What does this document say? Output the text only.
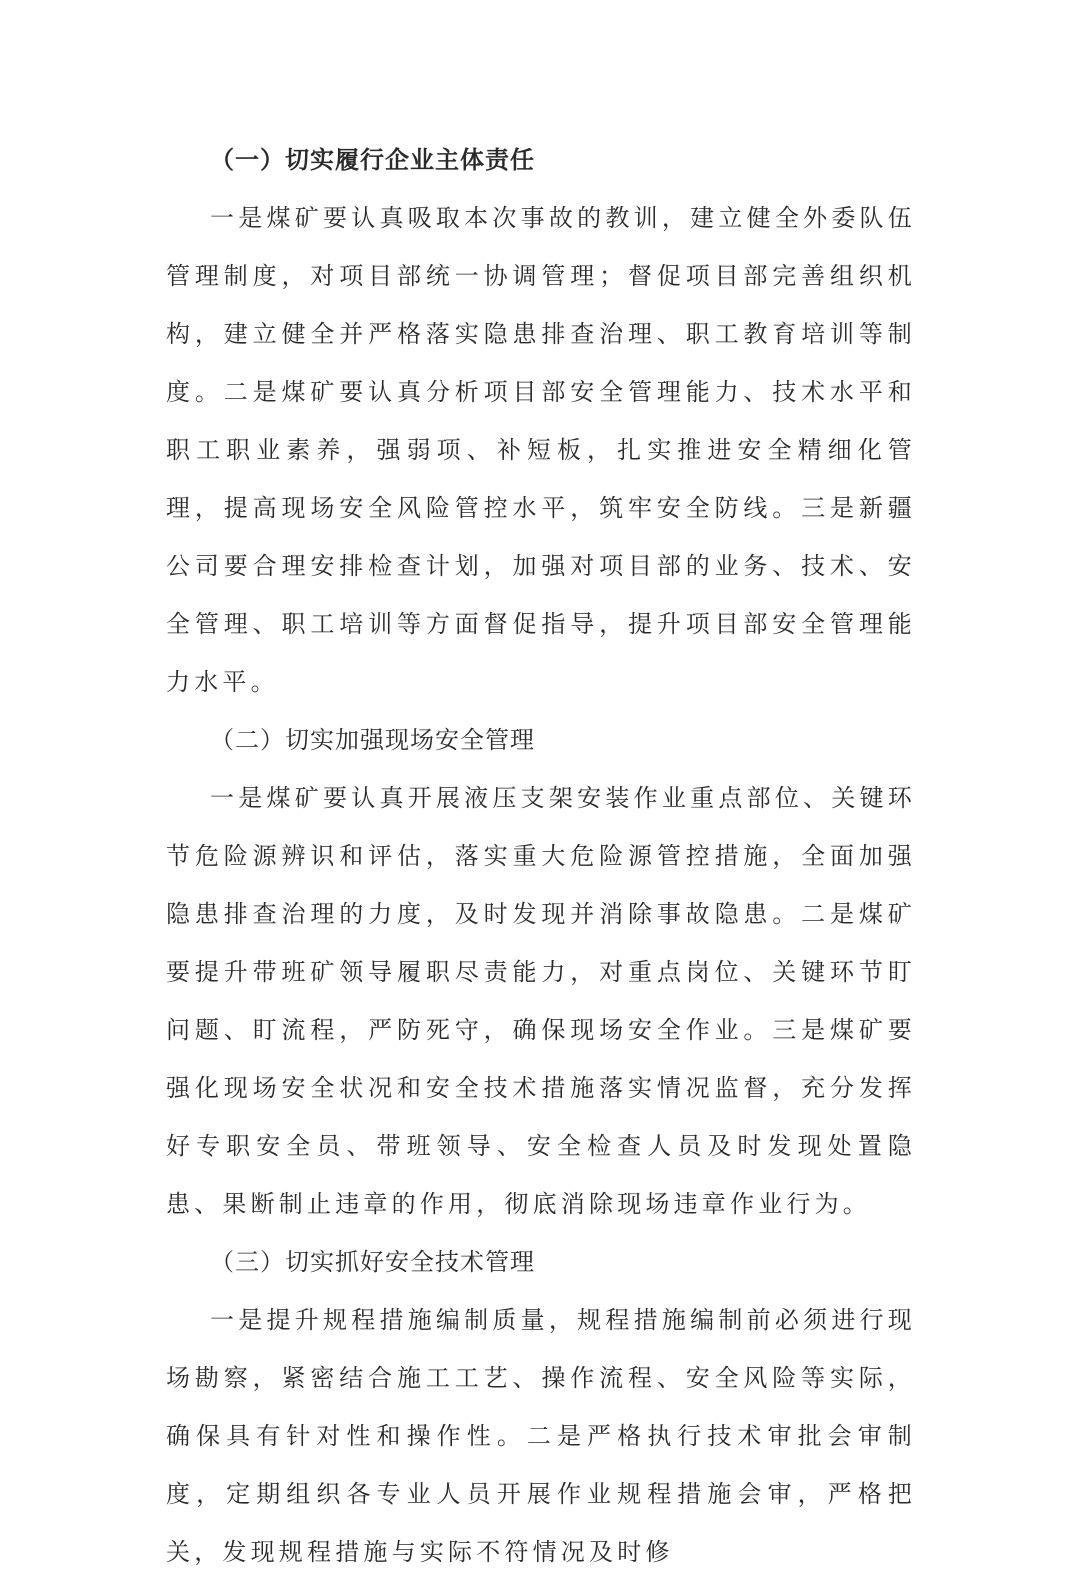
（一）切实履行企业主体责任

一是煤矿要认真吸取本次事故的教训，建立健全外委队伍管理制度，对项目部统一协调管理；督促项目部完善组织机构，建立健全并严格落实隐患排查治理、职工教育培训等制度。二是煤矿要认真分析项目部安全管理能力、技术水平和职工职业素养，强弱项、补短板，扎实推进安全精细化管理，提高现场安全风险管控水平，筑牢安全防线。三是新疆公司要合理安排检查计划，加强对项目部的业务、技术、安全管理、职工培训等方面督促指导，提升项目部安全管理能力水平。

（二）切实加强现场安全管理

一是煤矿要认真开展液压支架安装作业重点部位、关键环节危险源辨识和评估，落实重大危险源管控措施，全面加强隐患排查治理的力度，及时发现并消除事故隐患。二是煤矿要提升带班矿领导履职尽责能力，对重点岗位、关键环节盯问题、盯流程，严防死守，确保现场安全作业。三是煤矿要强化现场安全状况和安全技术措施落实情况监督，充分发挥好专职安全员、带班领导、安全检查人员及时发现处置隐患、果断制止违章的作用，彻底消除现场违章作业行为。

（三）切实抓好安全技术管理

一是提升规程措施编制质量，规程措施编制前必须进行现场勘察，紧密结合施工工艺、操作流程、安全风险等实际，确保具有针对性和操作性。二是严格执行技术审批会审制度，定期组织各专业人员开展作业规程措施会审，严格把关，发现规程措施与实际不符情况及时修
